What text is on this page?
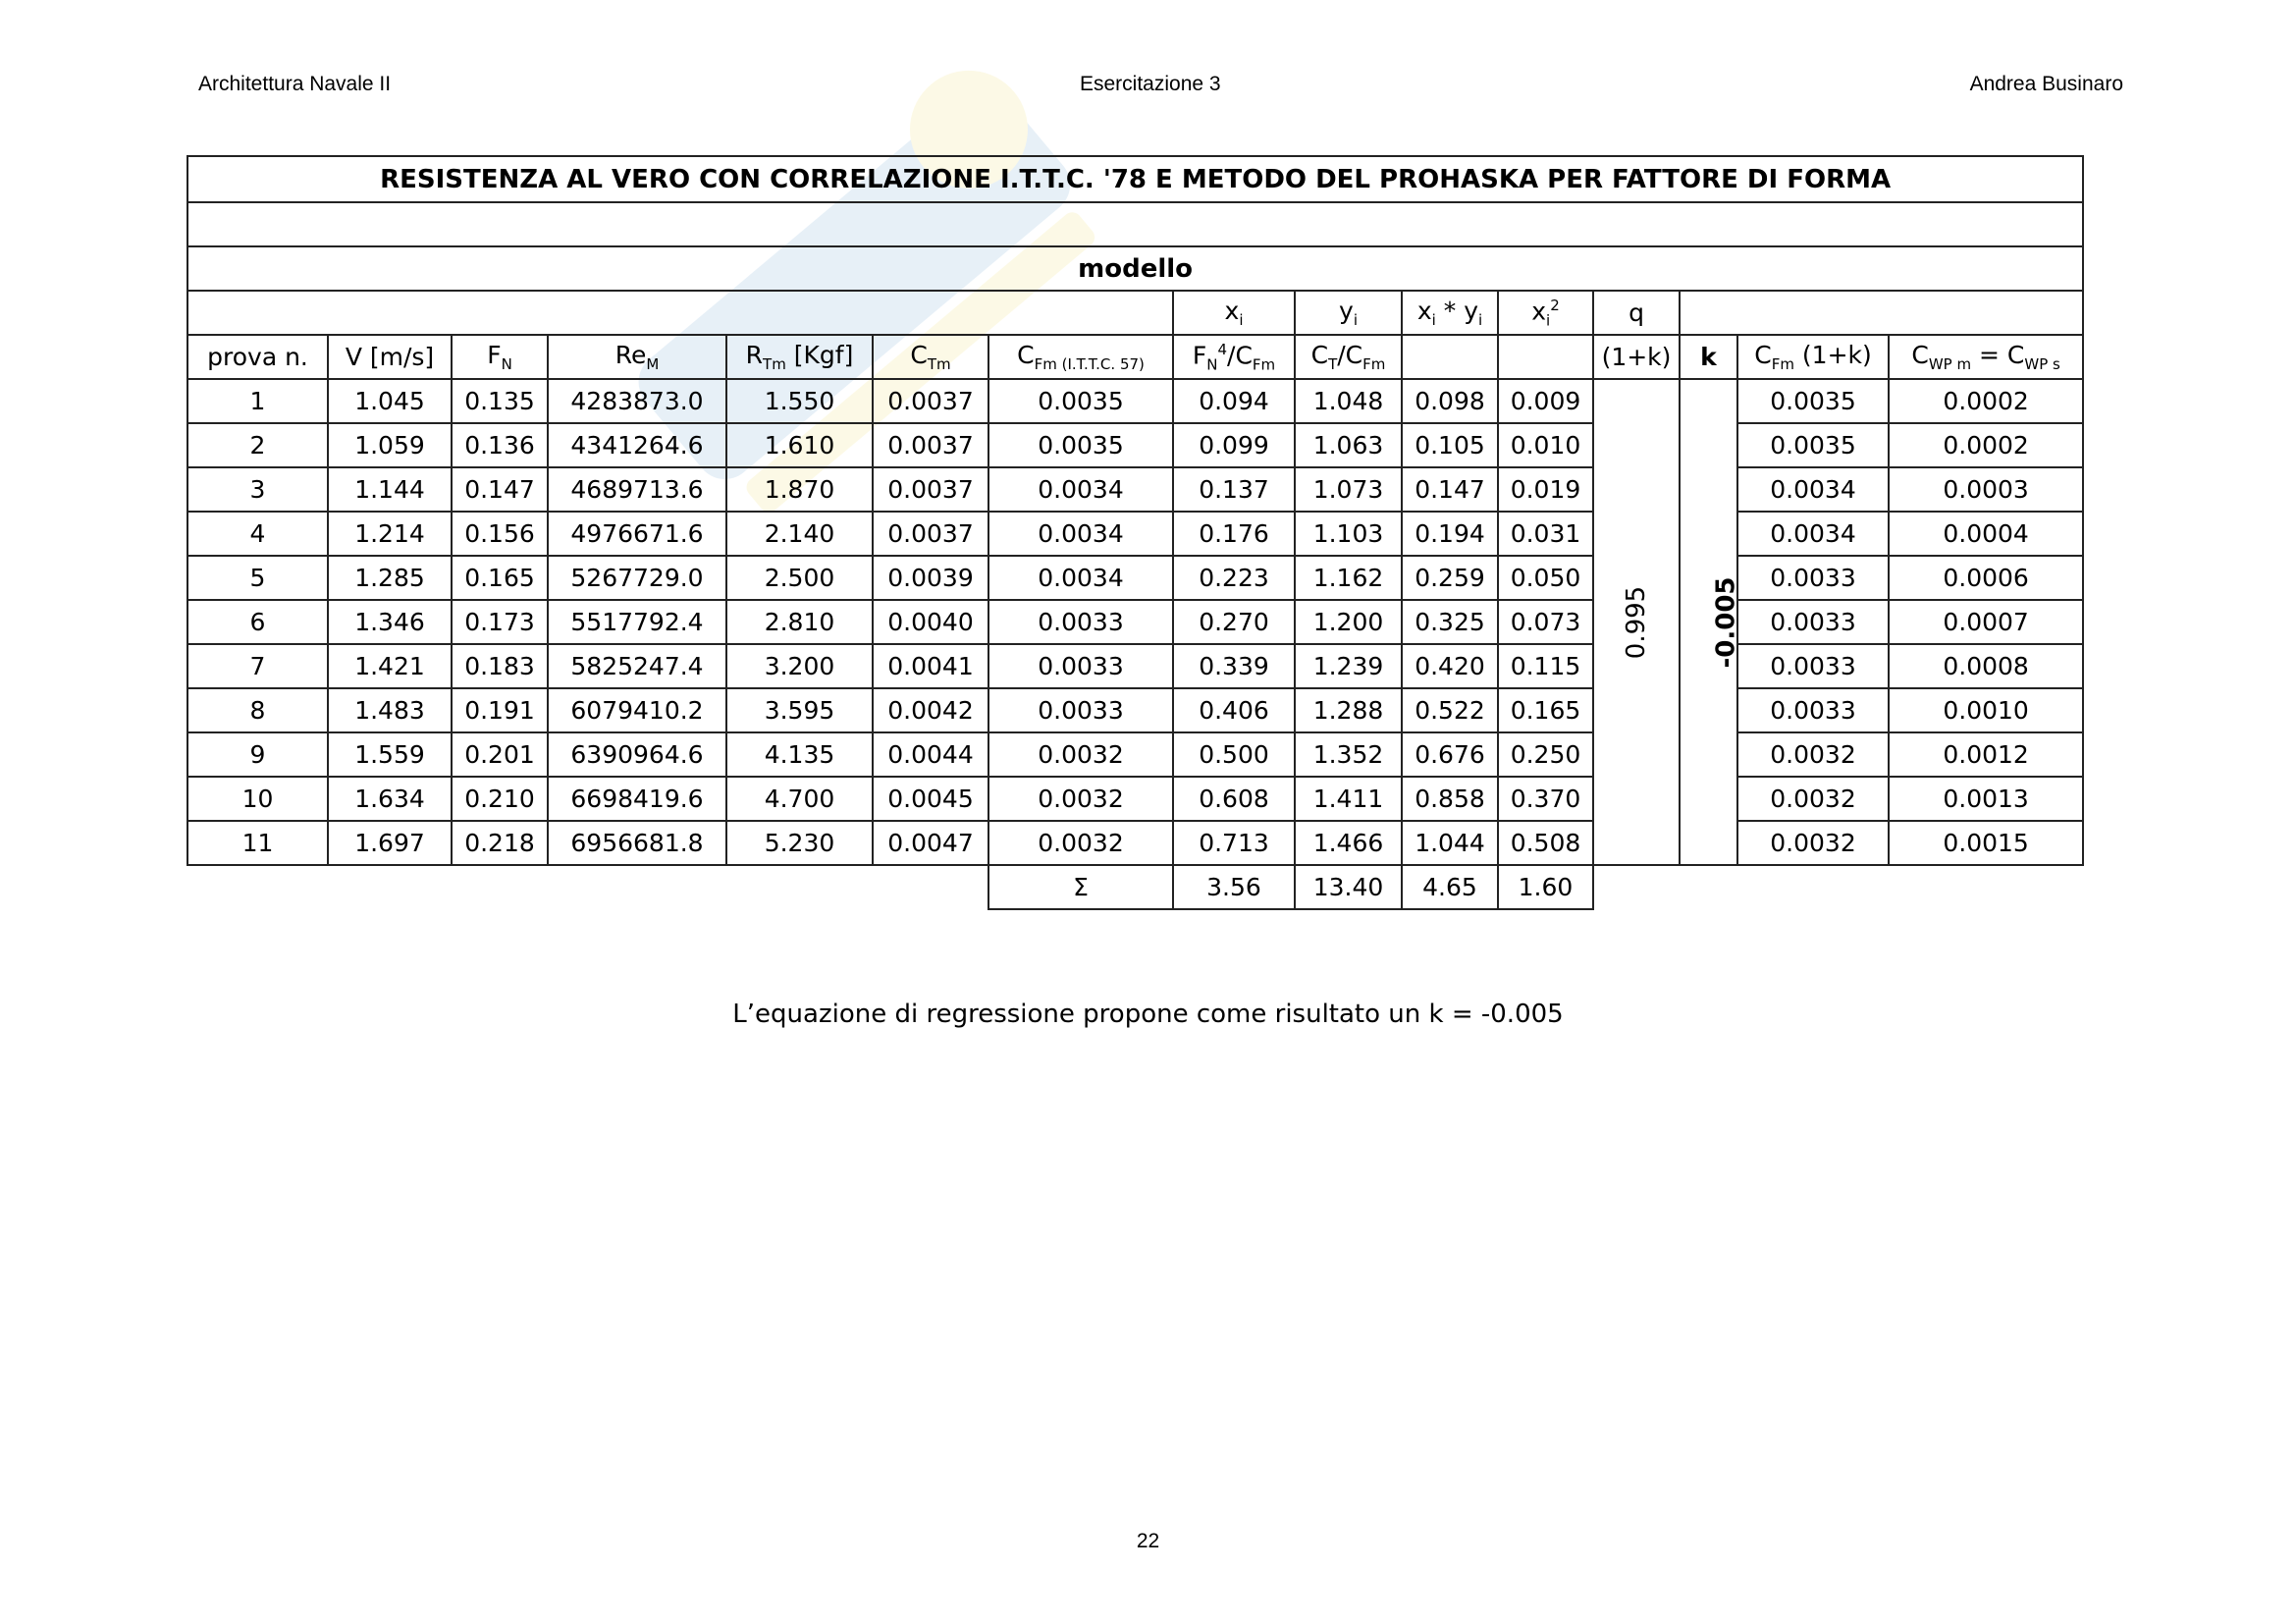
Architettura Navale II	Esercitazione 3	Andrea Businaro
RESISTENZA AL VERO CON CORRELAZIONE I.T.T.C. '78 E METODO DEL PROHASKA PER FATTORE DI FORMA														

modello														
							$x_i$	$y_i$	$x_i * y_i$	$x_i^2$	q			
prova n.	V [m/s]	$F_N$	$Re_M$	$R_{Tm}$ [Kgf]	$C_{Tm}$	$C_{Fm (I.T.T.C. 57)}$	$F_N^4/C_{Fm}$	$C_T/C_{Fm}$			(1+k)	k	$C_{Fm}$ (1+k)	$C_{WP m} = C_{WP s}$
1	1.045	0.135	4283873.0	1.550	0.0037	0.0035	0.094	1.048	0.098	0.009	0.995	-0.005	0.0035	0.0002
2	1.059	0.136	4341264.6	1.610	0.0037	0.0035	0.099	1.063	0.105	0.010			0.0035	0.0002
3	1.144	0.147	4689713.6	1.870	0.0037	0.0034	0.137	1.073	0.147	0.019			0.0034	0.0003
4	1.214	0.156	4976671.6	2.140	0.0037	0.0034	0.176	1.103	0.194	0.031			0.0034	0.0004
5	1.285	0.165	5267729.0	2.500	0.0039	0.0034	0.223	1.162	0.259	0.050			0.0033	0.0006
6	1.346	0.173	5517792.4	2.810	0.0040	0.0033	0.270	1.200	0.325	0.073			0.0033	0.0007
7	1.421	0.183	5825247.4	3.200	0.0041	0.0033	0.339	1.239	0.420	0.115			0.0033	0.0008
8	1.483	0.191	6079410.2	3.595	0.0042	0.0033	0.406	1.288	0.522	0.165			0.0033	0.0010
9	1.559	0.201	6390964.6	4.135	0.0044	0.0032	0.500	1.352	0.676	0.250			0.0032	0.0012
10	1.634	0.210	6698419.6	4.700	0.0045	0.0032	0.608	1.411	0.858	0.370			0.0032	0.0013
11	1.697	0.218	6956681.8	5.230	0.0047	0.0032	0.713	1.466	1.044	0.508			0.0032	0.0015
						Σ	3.56	13.40	4.65	1.60				
L’equazione di regressione propone come risultato un k = -0.005
22
